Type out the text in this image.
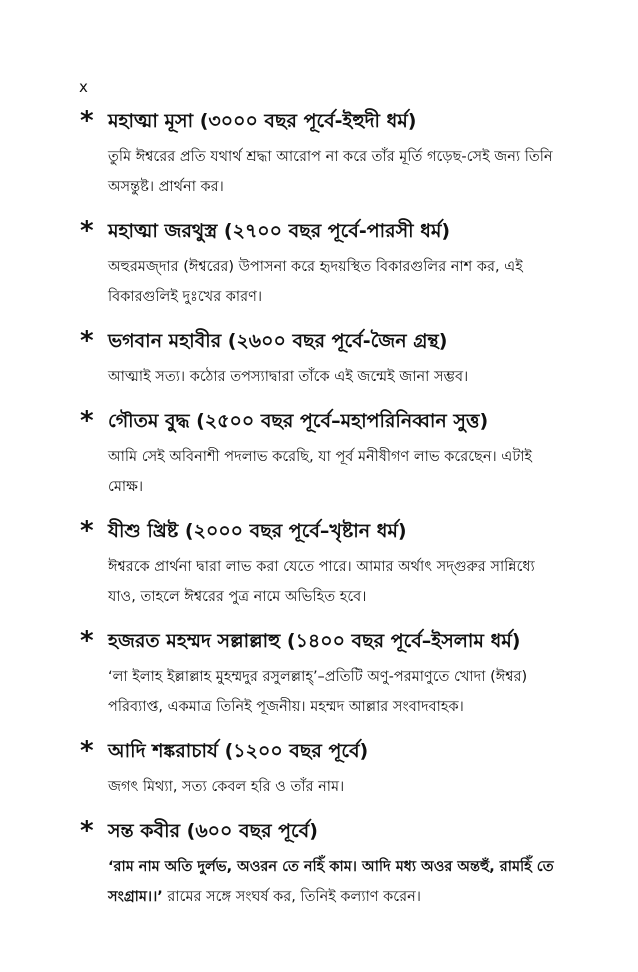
x
* মহাত্মা মূসা (৩০০০ বছর পূর্বে-ইহুদী ধর্ম)
তুমি ঈশ্বরের প্রতি যথার্থ শ্রদ্ধা আরোপ না করে তাঁর মূর্তি গড়েছ-সেই জন্য তিনি অসন্তুষ্ট। প্রার্থনা কর।
* মহাত্মা জরথুস্ত্র (২৭০০ বছর পূর্বে-পারসী ধর্ম)
অহুরমজ্দার (ঈশ্বরের) উপাসনা করে হৃদয়স্থিত বিকারগুলির নাশ কর, এই বিকারগুলিই দুঃখের কারণ।
* ভগবান মহাবীর (২৬০০ বছর পূর্বে-জৈন গ্রন্থ)
আত্মাই সত্য। কঠোর তপস্যাদ্বারা তাঁকে এই জন্মেই জানা সম্ভব।
* গৌতম বুদ্ধ (২৫০০ বছর পূর্বে–মহাপরিনিব্বান সুত্ত)
আমি সেই অবিনাশী পদলাভ করেছি, যা পূর্ব মনীষীগণ লাভ করেছেন। এটাই মোক্ষ।
* যীশু খ্রিষ্ট (২০০০ বছর পূর্বে–খৃষ্টান ধর্ম)
ঈশ্বরকে প্রার্থনা দ্বারা লাভ করা যেতে পারে। আমার অর্থাৎ সদ্গুরুর সান্নিধ্যে যাও, তাহলে ঈশ্বরের পুত্র নামে অভিহিত হবে।
* হজরত মহম্মদ সল্লাল্লাহু (১৪০০ বছর পূর্বে–ইসলাম ধর্ম)
‘লা ইলাহ ইল্লাল্লাহ মুহম্মদুর রসুলল্লাহ্’–প্রতিটি অণু-পরমাণুতে খোদা (ঈশ্বর) পরিব্যাপ্ত, একমাত্র তিনিই পূজনীয়। মহম্মদ আল্লার সংবাদবাহক।
* আদি শঙ্করাচার্য (১২০০ বছর পূর্বে)
জগৎ মিথ্যা, সত্য কেবল হরি ও তাঁর নাম।
* সন্ত কবীর (৬০০ বছর পূর্বে)
‘রাম নাম অতি দুর্লভ, অওরন তে নহিঁ কাম। আদি মধ্য অওর অন্তহুঁ, রামহিঁ তে সংগ্রাম।।’ রামের সঙ্গে সংঘর্ষ কর, তিনিই কল্যাণ করেন।
